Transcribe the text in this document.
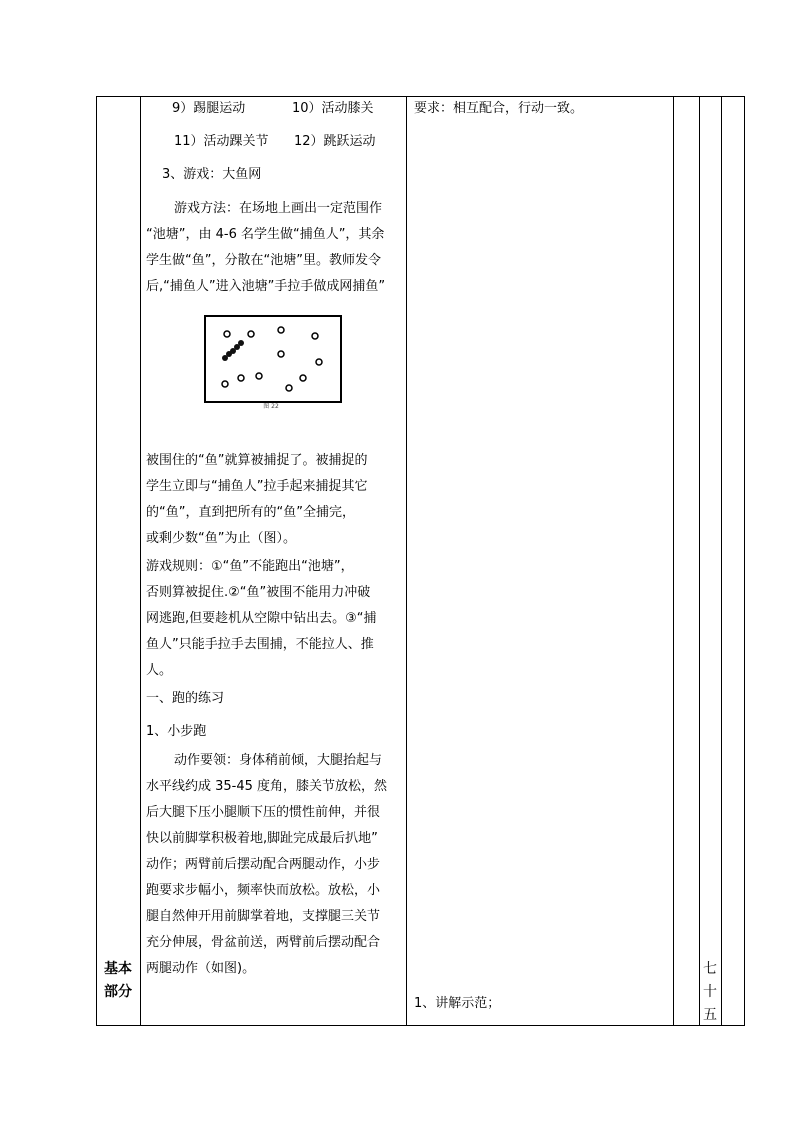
9）踢腿运动	10）活动膝关
11）活动踝关节 12）跳跃运动
3、游戏：大鱼网
游戏方法：在场地上画出一定范围作
“池塘”，由 4-6 名学生做“捕鱼人”，其余
学生做“鱼”，分散在“池塘”里。教师发令
后,“捕鱼人”进入池塘”手拉手做成网捕鱼”
图 22
被围住的“鱼”就算被捕捉了。被捕捉的
学生立即与“捕鱼人”拉手起来捕捉其它
的“鱼”，直到把所有的“鱼”全捕完，
或剩少数“鱼”为止（图）。
游戏规则：①“鱼”不能跑出“池塘”，
否则算被捉住.②“鱼”被围不能用力冲破
网逃跑,但要趁机从空隙中钻出去。③“捕
鱼人”只能手拉手去围捕，不能拉人、推
人。
一、跑的练习
1、小步跑
动作要领：身体稍前倾，大腿抬起与
水平线约成 35-45 度角，膝关节放松，然
后大腿下压小腿顺下压的惯性前伸，并很
快以前脚掌积极着地,脚趾完成最后扒地”
动作；两臂前后摆动配合两腿动作，小步
跑要求步幅小，频率快而放松。放松，小
腿自然伸开用前脚掌着地，支撑腿三关节
充分伸展，骨盆前送，两臂前后摆动配合
两腿动作（如图)。
要求：相互配合，行动一致。
1、讲解示范；
基本
部分
七
十
五
